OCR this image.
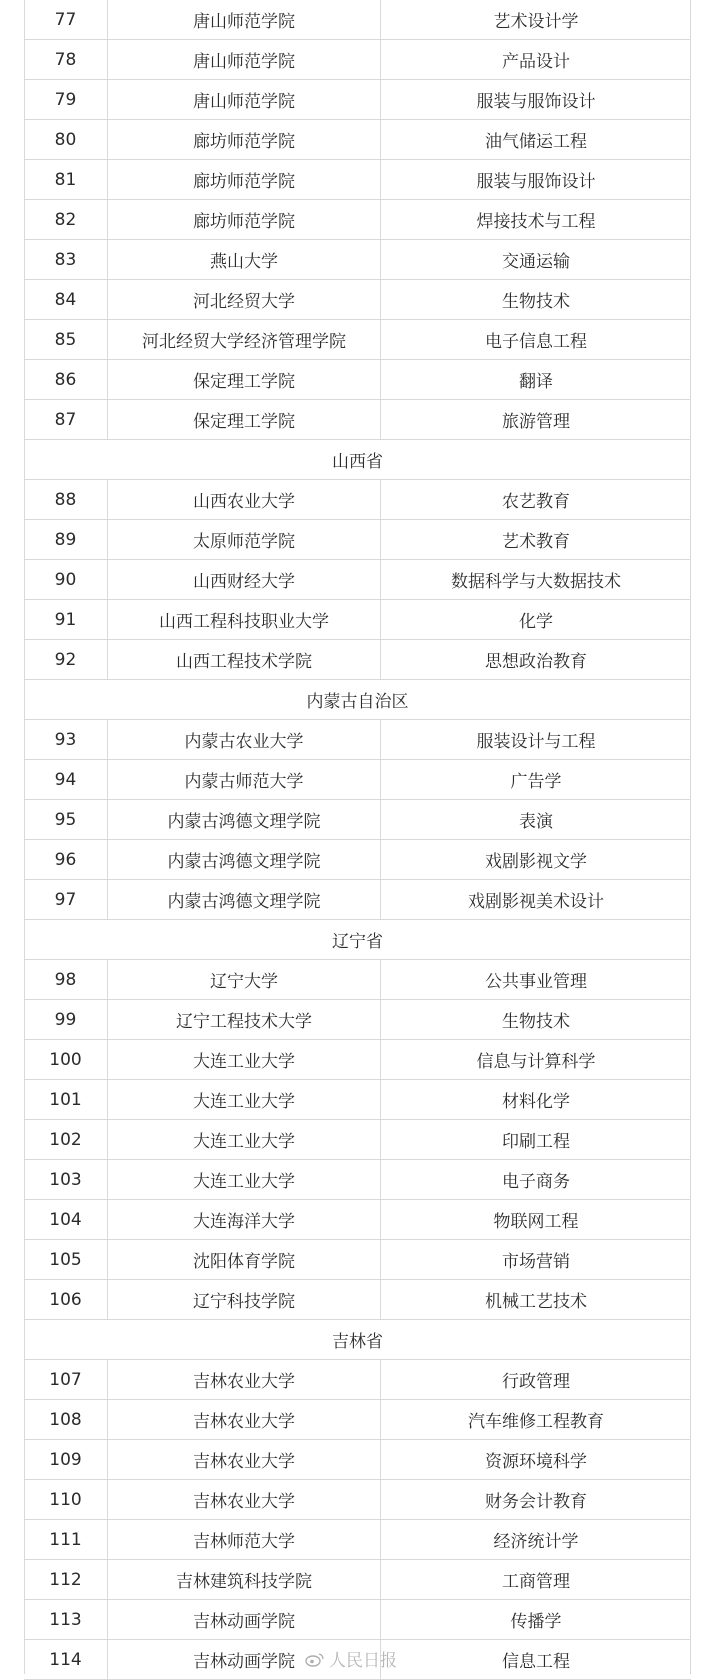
77	唐山师范学院	艺术设计学
78	唐山师范学院	产品设计
79	唐山师范学院	服装与服饰设计
80	廊坊师范学院	油气储运工程
81	廊坊师范学院	服装与服饰设计
82	廊坊师范学院	焊接技术与工程
83	燕山大学	交通运输
84	河北经贸大学	生物技术
85	河北经贸大学经济管理学院	电子信息工程
86	保定理工学院	翻译
87	保定理工学院	旅游管理
山西省
88	山西农业大学	农艺教育
89	太原师范学院	艺术教育
90	山西财经大学	数据科学与大数据技术
91	山西工程科技职业大学	化学
92	山西工程技术学院	思想政治教育
内蒙古自治区
93	内蒙古农业大学	服装设计与工程
94	内蒙古师范大学	广告学
95	内蒙古鸿德文理学院	表演
96	内蒙古鸿德文理学院	戏剧影视文学
97	内蒙古鸿德文理学院	戏剧影视美术设计
辽宁省
98	辽宁大学	公共事业管理
99	辽宁工程技术大学	生物技术
100	大连工业大学	信息与计算科学
101	大连工业大学	材料化学
102	大连工业大学	印刷工程
103	大连工业大学	电子商务
104	大连海洋大学	物联网工程
105	沈阳体育学院	市场营销
106	辽宁科技学院	机械工艺技术
吉林省
107	吉林农业大学	行政管理
108	吉林农业大学	汽车维修工程教育
109	吉林农业大学	资源环境科学
110	吉林农业大学	财务会计教育
111	吉林师范大学	经济统计学
112	吉林建筑科技学院	工商管理
113	吉林动画学院	传播学
114	吉林动画学院	信息工程
人民日报
